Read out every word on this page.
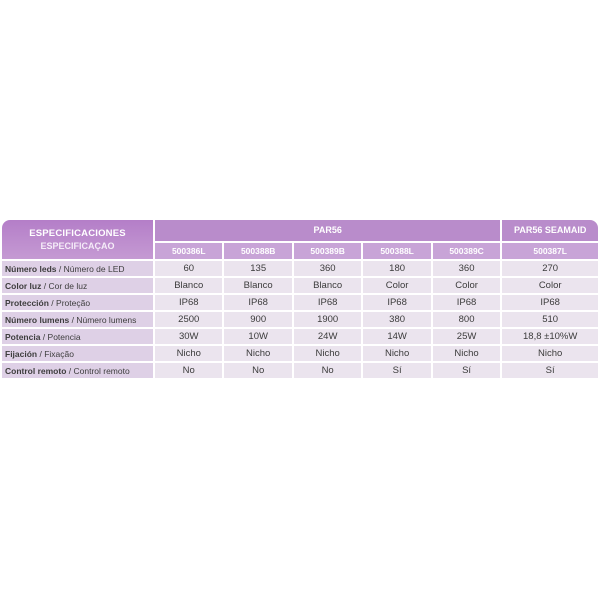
ESPECIFICACIONES
ESPECIFICAÇAO	PAR56					PAR56 SEAMAID
	500386L	500388B	500389B	500388L	500389C	500387L
Número leds / Número de LED	60	135	360	180	360	270
Color luz / Cor de luz	Blanco	Blanco	Blanco	Color	Color	Color
Protección / Proteção	IP68	IP68	IP68	IP68	IP68	IP68
Número lumens / Número lumens	2500	900	1900	380	800	510
Potencia / Potencia	30W	10W	24W	14W	25W	18,8 ±10%W
Fijación / Fixação	Nicho	Nicho	Nicho	Nicho	Nicho	Nicho
Control remoto / Control remoto	No	No	No	Sí	Sí	Sí
